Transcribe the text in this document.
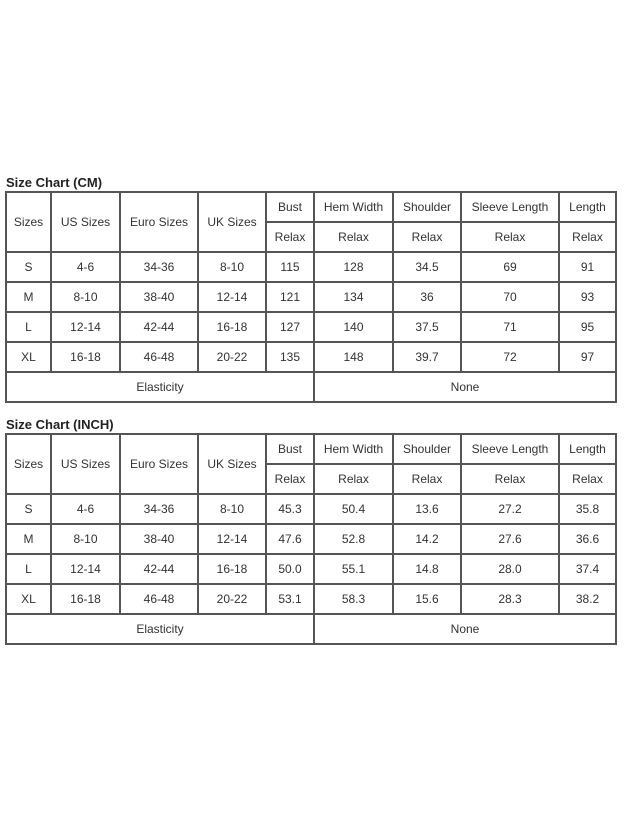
Size Chart (CM)
Sizes	US Sizes	Euro Sizes	UK Sizes	Bust	Hem Width	Shoulder	Sleeve Length	Length
				Relax	Relax	Relax	Relax	Relax
S	4-6	34-36	8-10	115	128	34.5	69	91
M	8-10	38-40	12-14	121	134	36	70	93
L	12-14	42-44	16-18	127	140	37.5	71	95
XL	16-18	46-48	20-22	135	148	39.7	72	97
Elasticity					None			
Size Chart (INCH)
Sizes	US Sizes	Euro Sizes	UK Sizes	Bust	Hem Width	Shoulder	Sleeve Length	Length
				Relax	Relax	Relax	Relax	Relax
S	4-6	34-36	8-10	45.3	50.4	13.6	27.2	35.8
M	8-10	38-40	12-14	47.6	52.8	14.2	27.6	36.6
L	12-14	42-44	16-18	50.0	55.1	14.8	28.0	37.4
XL	16-18	46-48	20-22	53.1	58.3	15.6	28.3	38.2
Elasticity					None			
